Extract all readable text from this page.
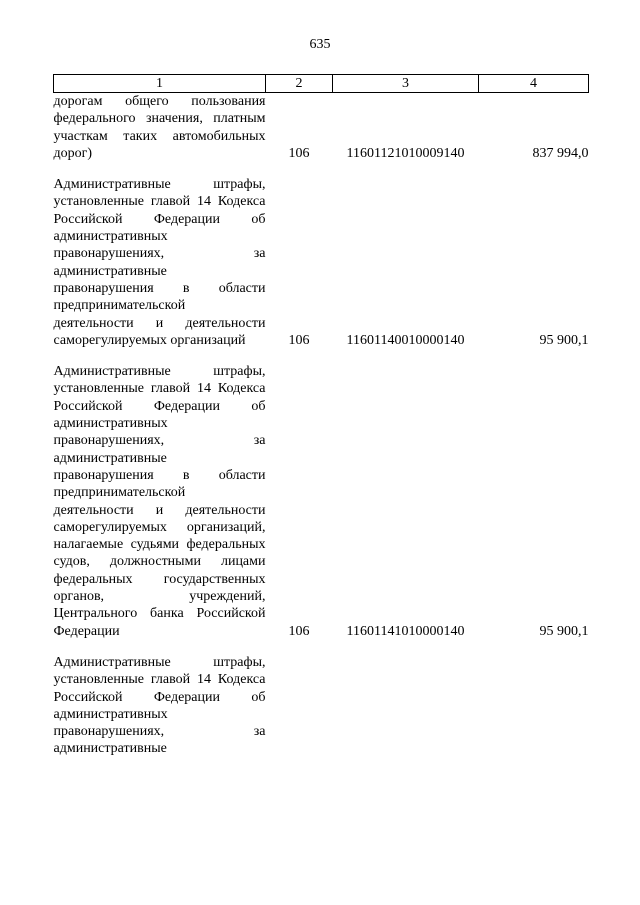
635
1	2	3	4

дорогам общего пользования федерального значения, платным участкам таких автомобильных дорог)	106	11601121010009140	837 994,0

Административные штрафы, установленные главой 14 Кодекса Российской Федерации об административных правонарушениях, за административные правонарушения в области предпринимательской деятельности и деятельности саморегулируемых организаций	106	11601140010000140	95 900,1

Административные штрафы, установленные главой 14 Кодекса Российской Федерации об административных правонарушениях, за административные правонарушения в области предпринимательской деятельности и деятельности саморегулируемых организаций, налагаемые судьями федеральных судов, должностными лицами федеральных государственных органов, учреждений, Центрального банка Российской Федерации	106	11601141010000140	95 900,1

Административные штрафы, установленные главой 14 Кодекса Российской Федерации об административных правонарушениях, за административные			
